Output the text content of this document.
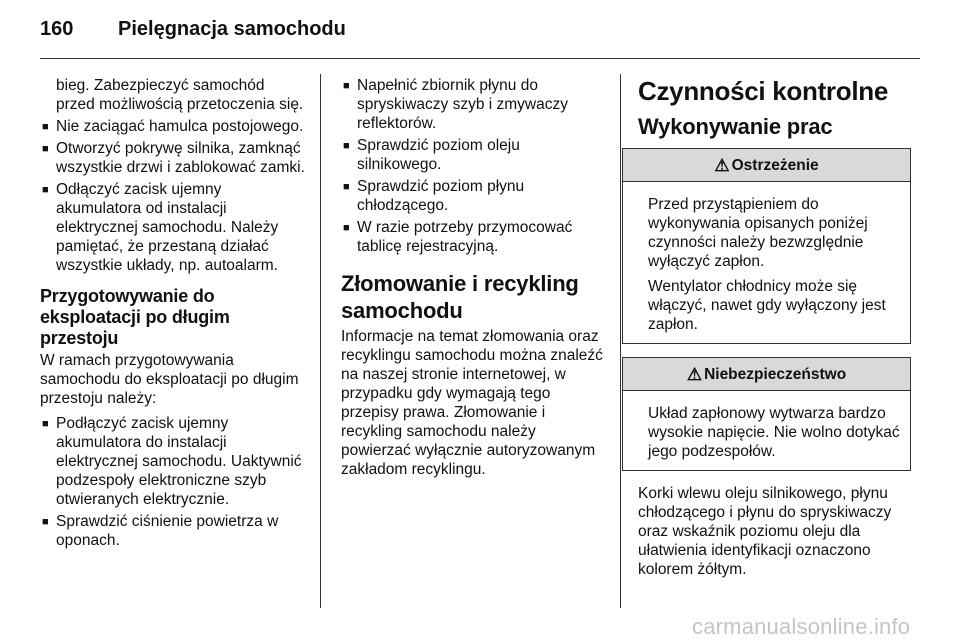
160 Pielęgnacja samochodu

bieg. Zabezpieczyć samochód przed możliwością przetoczenia się.

■ Nie zaciągać hamulca postojowego.
■ Otworzyć pokrywę silnika, zamknąć wszystkie drzwi i zablokować zamki.
■ Odłączyć zacisk ujemny akumulatora od instalacji elektrycznej samochodu. Należy pamiętać, że przestaną działać wszystkie układy, np. autoalarm.
Przygotowywanie do eksploatacji po długim przestoju

W ramach przygotowywania samochodu do eksploatacji po długim przestoju należy:

■ Podłączyć zacisk ujemny akumulatora do instalacji elektrycznej samochodu. Uaktywnić podzespoły elektroniczne szyb otwieranych elektrycznie.
■ Sprawdzić ciśnienie powietrza w oponach.
■ Napełnić zbiornik płynu do spryskiwaczy szyb i zmywaczy reflektorów.
■ Sprawdzić poziom oleju silnikowego.
■ Sprawdzić poziom płynu chłodzącego.
■ W razie potrzeby przymocować tablicę rejestracyjną.
Złomowanie i recykling samochodu

Informacje na temat złomowania oraz recyklingu samochodu można znaleźć na naszej stronie internetowej, w przypadku gdy wymagają tego przepisy prawa. Złomowanie i recykling samochodu należy powierzać wyłącznie autoryzowanym zakładom recyklingu.

Czynności kontrolne
Wykonywanie prac
⚠ Ostrzeżenie

Przed przystąpieniem do wykonywania opisanych poniżej czynności należy bezwzględnie wyłączyć zapłon.

Wentylator chłodnicy może się włączyć, nawet gdy wyłączony jest zapłon.

⚠ Niebezpieczeństwo

Układ zapłonowy wytwarza bardzo wysokie napięcie. Nie wolno dotykać jego podzespołów.

Korki wlewu oleju silnikowego, płynu chłodzącego i płynu do spryskiwaczy oraz wskaźnik poziomu oleju dla ułatwienia identyfikacji oznaczono kolorem żółtym.

carmanualsonline.info
